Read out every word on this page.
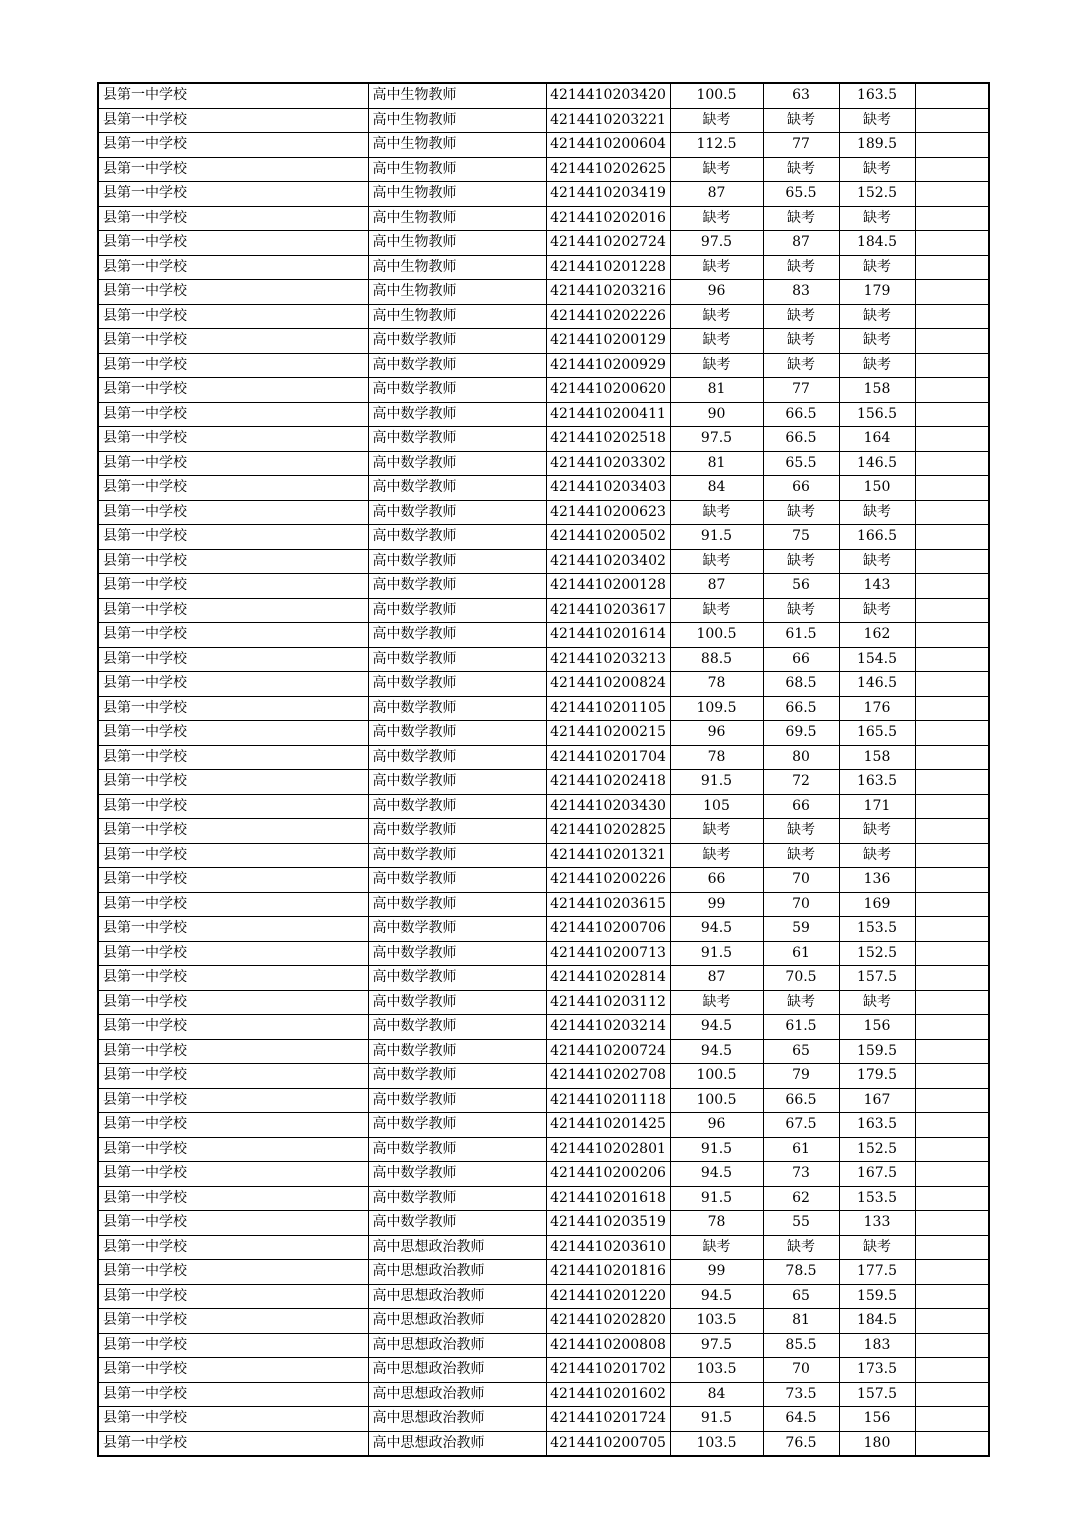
县第一中学校	高中生物教师	4214410203420	100.5	63	163.5	
县第一中学校	高中生物教师	4214410203221	缺考	缺考	缺考	
县第一中学校	高中生物教师	4214410200604	112.5	77	189.5	
县第一中学校	高中生物教师	4214410202625	缺考	缺考	缺考	
县第一中学校	高中生物教师	4214410203419	87	65.5	152.5	
县第一中学校	高中生物教师	4214410202016	缺考	缺考	缺考	
县第一中学校	高中生物教师	4214410202724	97.5	87	184.5	
县第一中学校	高中生物教师	4214410201228	缺考	缺考	缺考	
县第一中学校	高中生物教师	4214410203216	96	83	179	
县第一中学校	高中生物教师	4214410202226	缺考	缺考	缺考	
县第一中学校	高中数学教师	4214410200129	缺考	缺考	缺考	
县第一中学校	高中数学教师	4214410200929	缺考	缺考	缺考	
县第一中学校	高中数学教师	4214410200620	81	77	158	
县第一中学校	高中数学教师	4214410200411	90	66.5	156.5	
县第一中学校	高中数学教师	4214410202518	97.5	66.5	164	
县第一中学校	高中数学教师	4214410203302	81	65.5	146.5	
县第一中学校	高中数学教师	4214410203403	84	66	150	
县第一中学校	高中数学教师	4214410200623	缺考	缺考	缺考	
县第一中学校	高中数学教师	4214410200502	91.5	75	166.5	
县第一中学校	高中数学教师	4214410203402	缺考	缺考	缺考	
县第一中学校	高中数学教师	4214410200128	87	56	143	
县第一中学校	高中数学教师	4214410203617	缺考	缺考	缺考	
县第一中学校	高中数学教师	4214410201614	100.5	61.5	162	
县第一中学校	高中数学教师	4214410203213	88.5	66	154.5	
县第一中学校	高中数学教师	4214410200824	78	68.5	146.5	
县第一中学校	高中数学教师	4214410201105	109.5	66.5	176	
县第一中学校	高中数学教师	4214410200215	96	69.5	165.5	
县第一中学校	高中数学教师	4214410201704	78	80	158	
县第一中学校	高中数学教师	4214410202418	91.5	72	163.5	
县第一中学校	高中数学教师	4214410203430	105	66	171	
县第一中学校	高中数学教师	4214410202825	缺考	缺考	缺考	
县第一中学校	高中数学教师	4214410201321	缺考	缺考	缺考	
县第一中学校	高中数学教师	4214410200226	66	70	136	
县第一中学校	高中数学教师	4214410203615	99	70	169	
县第一中学校	高中数学教师	4214410200706	94.5	59	153.5	
县第一中学校	高中数学教师	4214410200713	91.5	61	152.5	
县第一中学校	高中数学教师	4214410202814	87	70.5	157.5	
县第一中学校	高中数学教师	4214410203112	缺考	缺考	缺考	
县第一中学校	高中数学教师	4214410203214	94.5	61.5	156	
县第一中学校	高中数学教师	4214410200724	94.5	65	159.5	
县第一中学校	高中数学教师	4214410202708	100.5	79	179.5	
县第一中学校	高中数学教师	4214410201118	100.5	66.5	167	
县第一中学校	高中数学教师	4214410201425	96	67.5	163.5	
县第一中学校	高中数学教师	4214410202801	91.5	61	152.5	
县第一中学校	高中数学教师	4214410200206	94.5	73	167.5	
县第一中学校	高中数学教师	4214410201618	91.5	62	153.5	
县第一中学校	高中数学教师	4214410203519	78	55	133	
县第一中学校	高中思想政治教师	4214410203610	缺考	缺考	缺考	
县第一中学校	高中思想政治教师	4214410201816	99	78.5	177.5	
县第一中学校	高中思想政治教师	4214410201220	94.5	65	159.5	
县第一中学校	高中思想政治教师	4214410202820	103.5	81	184.5	
县第一中学校	高中思想政治教师	4214410200808	97.5	85.5	183	
县第一中学校	高中思想政治教师	4214410201702	103.5	70	173.5	
县第一中学校	高中思想政治教师	4214410201602	84	73.5	157.5	
县第一中学校	高中思想政治教师	4214410201724	91.5	64.5	156	
县第一中学校	高中思想政治教师	4214410200705	103.5	76.5	180	
